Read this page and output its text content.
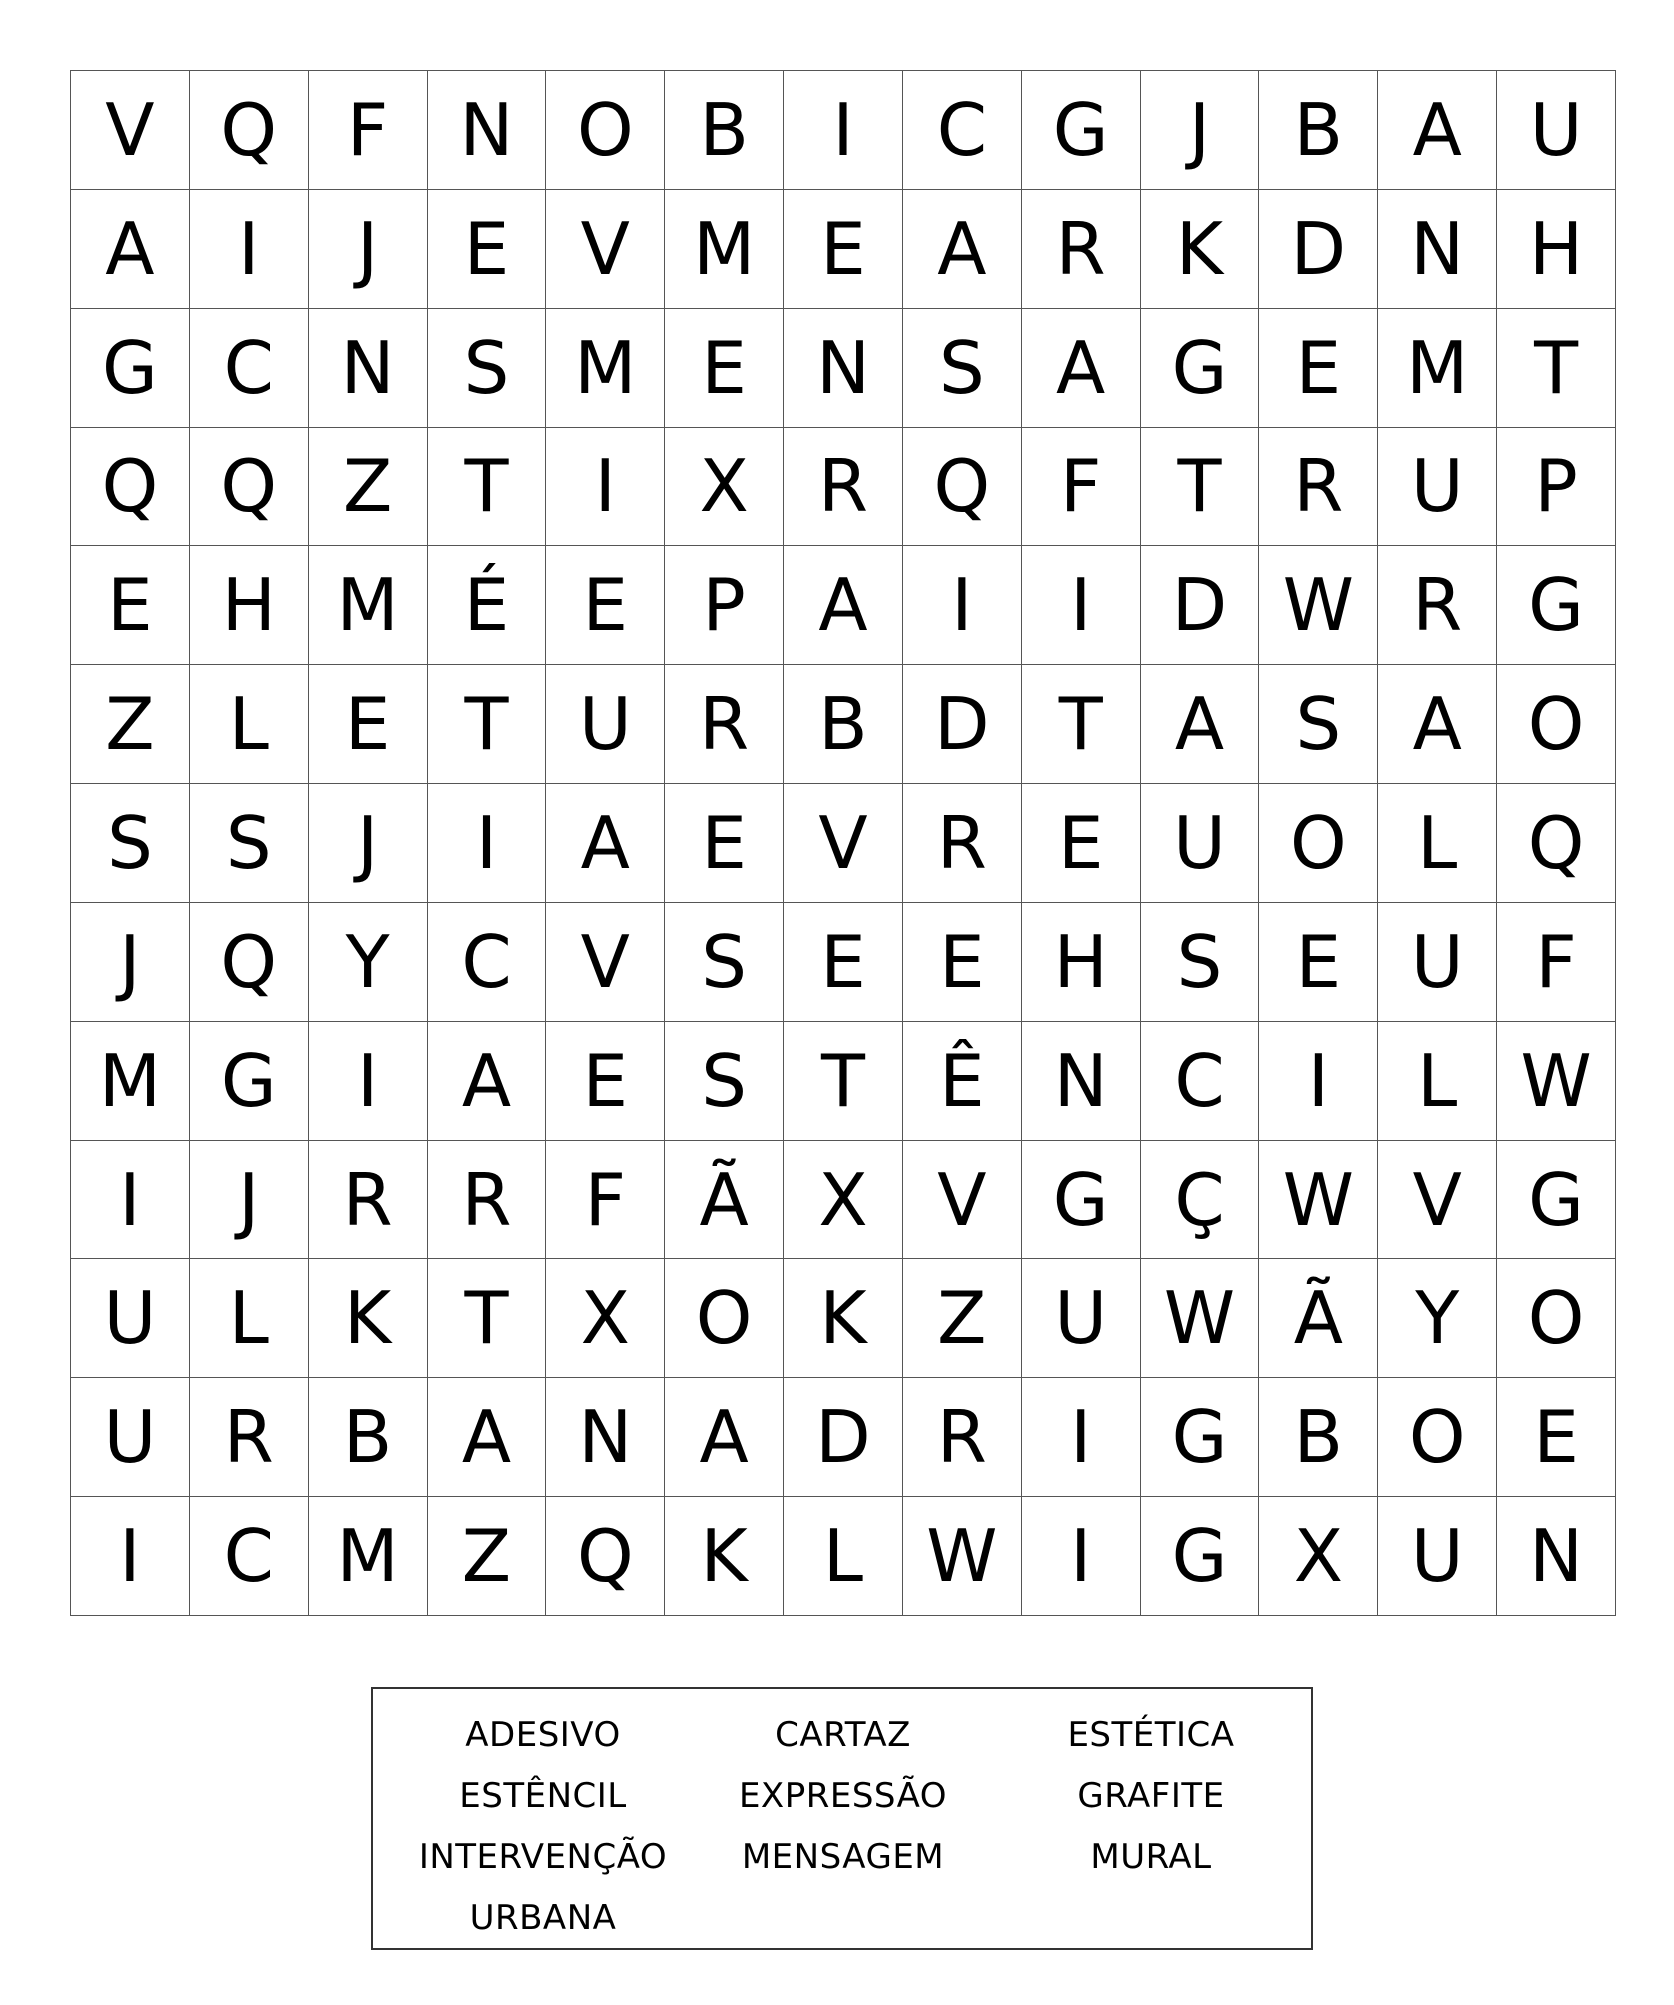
V Q F N O B	I	C G	J	B A U
A	I	J	E V M E A R K D N H
G C N S M E N S A G E M T
Q Q Z	T	I	X R Q F	T R U P
E H M É	E	P	A	I	I	D W R G
Z	L	E	T U R B D T	A S A O
S	S	J	I	A E V R E U O L Q
J	Q Y C V S	E	E H S	E U F
M G	I	A E	S	T	Ê N C	I	L W
I	J	R R	F	Ã X V G Ç W V G
U	L	K	T	X O K Z U W Ã	Y O
U R B A N A D R	I	G B O E
I	C M Z Q K	L W	I	G X U N
ADESIVO
ESTÊNCIL
INTERVENÇÃO
URBANA
CARTAZ
EXPRESSÃO
MENSAGEM
ESTÉTICA
GRAFITE
MURAL
